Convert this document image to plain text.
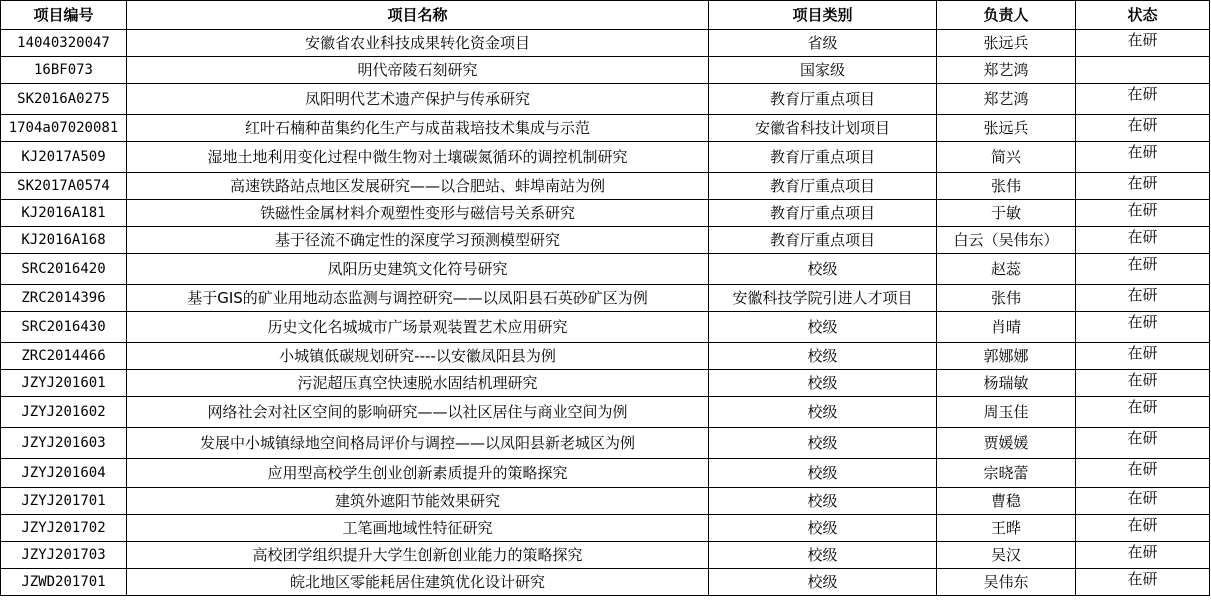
项目编号	项目名称	项目类别	负责人	状态
14040320047	安徽省农业科技成果转化资金项目	省级	张远兵	在研
16BF073	明代帝陵石刻研究	国家级	郑艺鸿	
SK2016A0275	凤阳明代艺术遗产保护与传承研究	教育厅重点项目	郑艺鸿	在研
1704a07020081	红叶石楠种苗集约化生产与成苗栽培技术集成与示范	安徽省科技计划项目	张远兵	在研
KJ2017A509	湿地土地利用变化过程中微生物对土壤碳氮循环的调控机制研究	教育厅重点项目	简兴	在研
SK2017A0574	高速铁路站点地区发展研究——以合肥站、蚌埠南站为例	教育厅重点项目	张伟	在研
KJ2016A181	铁磁性金属材料介观塑性变形与磁信号关系研究	教育厅重点项目	于敏	在研
KJ2016A168	基于径流不确定性的深度学习预测模型研究	教育厅重点项目	白云（吴伟东）	在研
SRC2016420	凤阳历史建筑文化符号研究	校级	赵蕊	在研
ZRC2014396	基于GIS的矿业用地动态监测与调控研究——以凤阳县石英砂矿区为例	安徽科技学院引进人才项目	张伟	在研
SRC2016430	历史文化名城城市广场景观装置艺术应用研究	校级	肖晴	在研
ZRC2014466	小城镇低碳规划研究----以安徽凤阳县为例	校级	郭娜娜	在研
JZYJ201601	污泥超压真空快速脱水固结机理研究	校级	杨瑞敏	在研
JZYJ201602	网络社会对社区空间的影响研究——以社区居住与商业空间为例	校级	周玉佳	在研
JZYJ201603	发展中小城镇绿地空间格局评价与调控——以凤阳县新老城区为例	校级	贾媛媛	在研
JZYJ201604	应用型高校学生创业创新素质提升的策略探究	校级	宗晓蕾	在研
JZYJ201701	建筑外遮阳节能效果研究	校级	曹稳	在研
JZYJ201702	工笔画地域性特征研究	校级	王晔	在研
JZYJ201703	高校团学组织提升大学生创新创业能力的策略探究	校级	吴汉	在研
JZWD201701	皖北地区零能耗居住建筑优化设计研究	校级	吴伟东	在研
